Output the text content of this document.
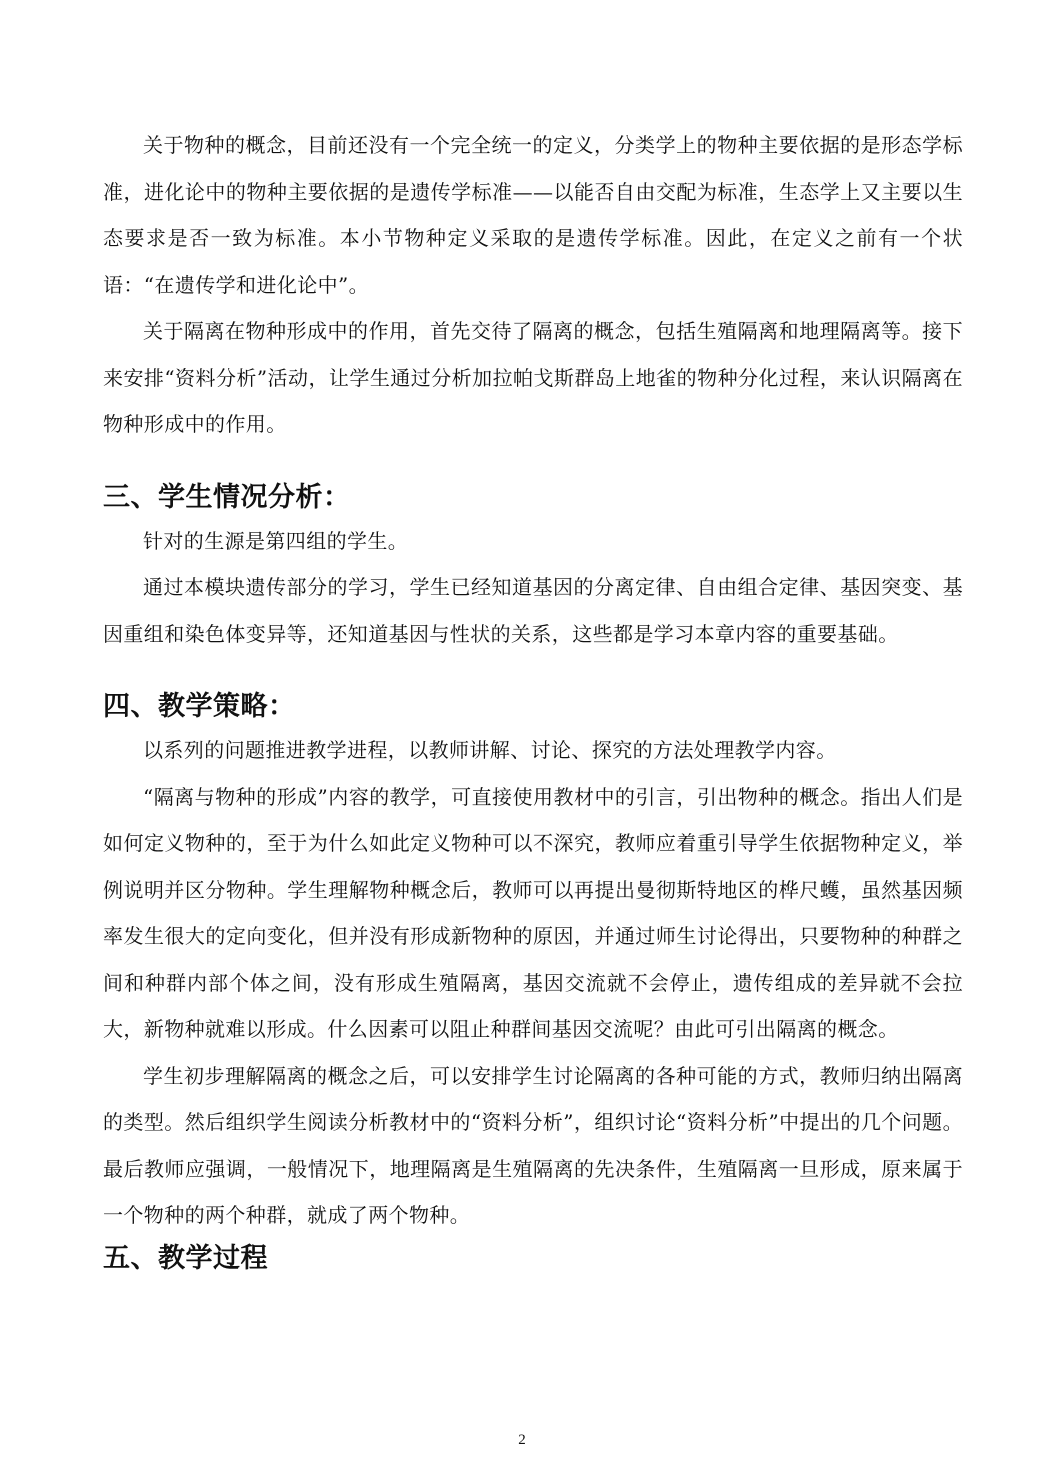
关于物种的概念，目前还没有一个完全统一的定义，分类学上的物种主要依据的是形态学标准，进化论中的物种主要依据的是遗传学标准——以能否自由交配为标准，生态学上又主要以生态要求是否一致为标准。本小节物种定义采取的是遗传学标准。因此，在定义之前有一个状语：“在遗传学和进化论中”。

关于隔离在物种形成中的作用，首先交待了隔离的概念，包括生殖隔离和地理隔离等。接下来安排“资料分析”活动，让学生通过分析加拉帕戈斯群岛上地雀的物种分化过程，来认识隔离在物种形成中的作用。

三、学生情况分析：

针对的生源是第四组的学生。

通过本模块遗传部分的学习，学生已经知道基因的分离定律、自由组合定律、基因突变、基因重组和染色体变异等，还知道基因与性状的关系，这些都是学习本章内容的重要基础。

四、教学策略：

以系列的问题推进教学进程，以教师讲解、讨论、探究的方法处理教学内容。

“隔离与物种的形成”内容的教学，可直接使用教材中的引言，引出物种的概念。指出人们是如何定义物种的，至于为什么如此定义物种可以不深究，教师应着重引导学生依据物种定义，举例说明并区分物种。学生理解物种概念后，教师可以再提出曼彻斯特地区的桦尺蠖，虽然基因频率发生很大的定向变化，但并没有形成新物种的原因，并通过师生讨论得出，只要物种的种群之间和种群内部个体之间，没有形成生殖隔离，基因交流就不会停止，遗传组成的差异就不会拉大，新物种就难以形成。什么因素可以阻止种群间基因交流呢？由此可引出隔离的概念。

学生初步理解隔离的概念之后，可以安排学生讨论隔离的各种可能的方式，教师归纳出隔离的类型。然后组织学生阅读分析教材中的“资料分析”，组织讨论“资料分析”中提出的几个问题。最后教师应强调，一般情况下，地理隔离是生殖隔离的先决条件，生殖隔离一旦形成，原来属于一个物种的两个种群，就成了两个物种。

五、教学过程
2
